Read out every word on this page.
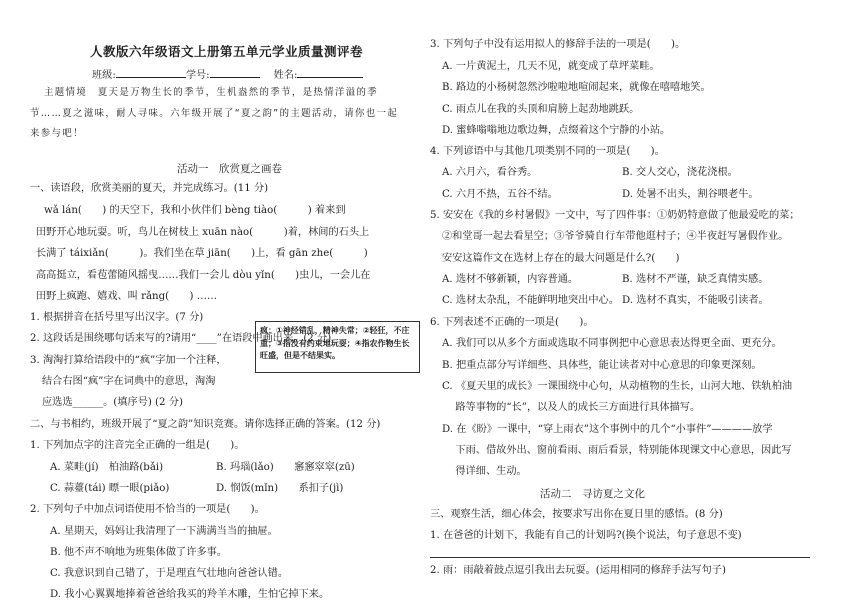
人教版六年级语文上册第五单元学业质量测评卷
班级:	学号:	姓名:
主题情境　夏天是万物生长的季节，生机盎然的季节，是热情洋溢的季
节……夏之滋味，耐人寻味。六年级开展了“夏之韵”的主题活动，请你也一起
来参与吧！
活动一　欣赏夏之画卷
一、读语段，欣赏美丽的夏天，并完成练习。(11 分)
wǎ lán(　　) 的天空下，我和小伙伴们 bèng tiào(　　　) 着来到
田野开心地玩耍。听，鸟儿在树枝上 xuān nào(　　　)着，林间的石头上
长满了 táixiǎn(　　　)。我们坐在草 jiān(　　)上，看 gān zhe(　　　)
高高挺立，看苞蕾随风摇曳……我们一会儿 dòu yǐn(　　)虫儿，一会儿在
田野上疯跑、嬉戏、叫 rǎng(　　) ……
1. 根据拼音在括号里写出汉字。(7 分)
2. 这段话是围绕哪句话来写的?请用“____”在语段中画出来。(2 分)
3. 淘淘打算给语段中的“疯”字加一个注释，
结合右图“疯”字在词典中的意思，淘淘
应选选______。(填序号) (2 分)
疯：①神经错乱，精神失常；②轻狂，不庄重；③指没有约束地玩耍；④指农作物生长旺盛，但是不结果实。
二、与书相约，班级开展了“夏之韵”知识竞赛。请你选择正确的答案。(12 分)
1. 下列加点字的注音完全正确的一组是(　　)。
A. 菜畦(jí)　柏油路(bǎi)	B. 玛瑙(lǎo)　　窸窸窣窣(zū)
C. 蒜薹(tái) 瞟一眼(piǎo)	D. 悯饭(mǐn)　　系扣子(jì)
2. 下列句子中加点词语使用不恰当的一项是(　　)。
A. 星期天，妈妈让我清理了一下满满当当的抽屉。
B. 他不声不响地为班集体做了许多事。
C. 我意识到自己错了，于是理直气壮地向爸爸认错。
D. 我小心翼翼地捧着爸爸给我买的羚羊木雕，生怕它掉下来。
3. 下列句子中没有运用拟人的修辞手法的一项是(　　)。
A. 一片黄泥土，几天不见，就变成了草坪菜畦。
B. 路边的小杨树忽然沙啦啦地喧闹起来，就像在嘻嘻地笑。
C. 雨点儿在我的头顶和肩膀上起劲地跳跃。
D. 蜜蜂嗡嗡地边歌边舞，点缀着这个宁静的小站。
4. 下列谚语中与其他几项类别不同的一项是(　　)。
A. 六月六，看谷秀。	B. 交人交心，浇花浇根。
C. 六月不热，五谷不结。	D. 处暑不出头，割谷喂老牛。
5. 安安在《我的乡村暑假》一文中，写了四件事：①奶奶特意做了他最爱吃的菜；
②和堂哥一起去看星空；③爷爷骑自行车带他逛村子；④半夜赶写暑假作业。
安安这篇作文在选材上存在的最大问题是什么?(　　)
A. 选材不够新颖，内容普通。	B. 选材不严谨，缺乏真情实感。
C. 选材太杂乱，不能鲜明地突出中心。 D. 选材不真实，不能吸引读者。
6. 下列表述不正确的一项是(　　)。
A. 我们可以从多个方面或选取不同事例把中心意思表达得更全面、更充分。
B. 把重点部分写详细些、具体些，能让读者对中心意思的印象更深刻。
C. 《夏天里的成长》一课围绕中心句，从动植物的生长，山河大地、铁轨柏油
　 路等事物的“长”，以及人的成长三方面进行具体描写。
D. 在《盼》一课中，“穿上雨衣”这个事例中的几个“小事件”————放学
　 下雨、借故外出、窗前看雨、雨后看景，特别能体现课文中心意思，因此写
　 得详细、生动。
活动二　寻访夏之文化
三、观察生活，细心体会，按要求写出你在夏日里的感悟。(8 分)
1. 在爸爸的计划下，我能有自己的计划吗?(换个说法，句子意思不变)
2. 雨：雨敲着鼓点逗引我出去玩耍。(运用相同的修辞手法写句子)
